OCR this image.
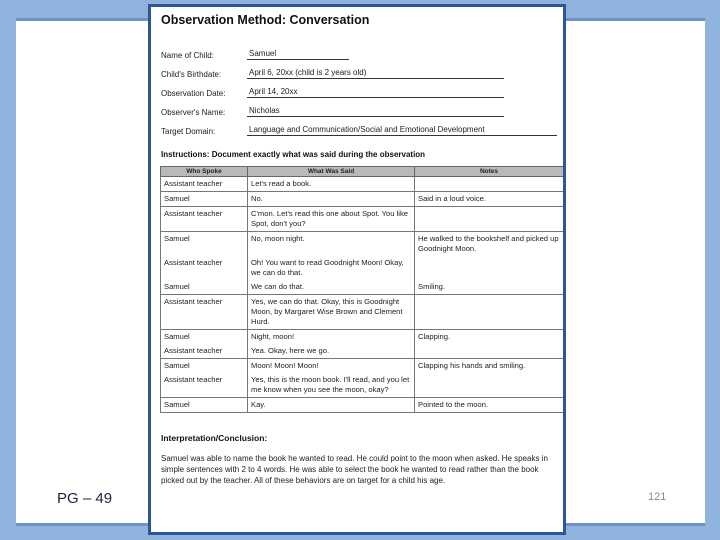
Observation Method: Conversation
Name of Child:	Samuel
Child's Birthdate:	April 6, 20xx (child is 2 years old)
Observation Date:	April 14, 20xx
Observer's Name:	Nicholas
Target Domain:	Language and Communication/Social and Emotional Development
Instructions: Document exactly what was said during the observation
Who Spoke	What Was Said	Notes
Assistant teacher	Let's read a book.	
Samuel	No.	Said in a loud voice.
Assistant teacher	C'mon. Let's read this one about Spot. You like Spot, don't you?	
Samuel	No, moon night.	He walked to the bookshelf and picked up Goodnight Moon.
Assistant teacher	Oh! You want to read Goodnight Moon! Okay, we can do that.	
Samuel	We can do that.	Smiling.
Assistant teacher	Yes, we can do that. Okay, this is Goodnight Moon, by Margaret Wise Brown and Clement Hurd.	
Samuel	Night, moon!	Clapping.
Assistant teacher	Yea. Okay, here we go.	
Samuel	Moon! Moon! Moon!	Clapping his hands and smiling.
Assistant teacher	Yes, this is the moon book. I'll read, and you let me know when you see the moon, okay?	
Samuel	Kay.	Pointed to the moon.
Interpretation/Conclusion:
Samuel was able to name the book he wanted to read. He could point to the moon when asked. He speaks in simple sentences with 2 to 4 words. He was able to select the book he wanted to read rather than the book picked out by the teacher. All of these behaviors are on target for a child his age.
PG – 49	121
